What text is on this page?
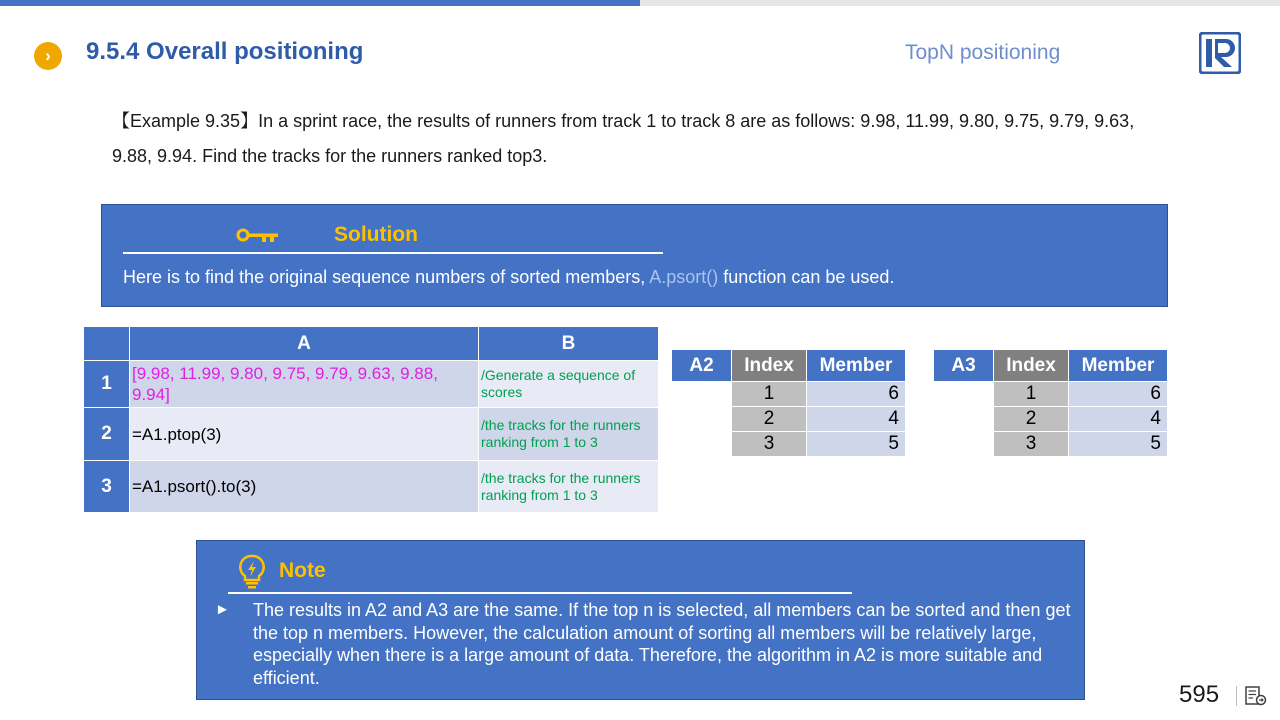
›	9.5.4 Overall positioning	TopN positioning
【Example 9.35】In a sprint race, the results of runners from track 1 to track 8 are as follows: 9.98, 11.99, 9.80, 9.75, 9.79, 9.63, 9.88, 9.94. Find the tracks for the runners ranked top3.
Solution
Here is to find the original sequence numbers of sorted members, A.psort() function can be used.
	A	B
1	[9.98, 11.99, 9.80, 9.75, 9.79, 9.63, 9.88, 9.94]	/Generate a sequence of scores
2	=A1.ptop(3)	/the tracks for the runners ranking from 1 to 3
3	=A1.psort().to(3)	/the tracks for the runners ranking from 1 to 3
A2	Index	Member
	1	6
	2	4
	3	5
A3	Index	Member
	1	6
	2	4
	3	5
Note
► The results in A2 and A3 are the same. If the top n is selected, all members can be sorted and then get the top n members. However, the calculation amount of sorting all members will be relatively large, especially when there is a large amount of data. Therefore, the algorithm in A2 is more suitable and efficient.
595
